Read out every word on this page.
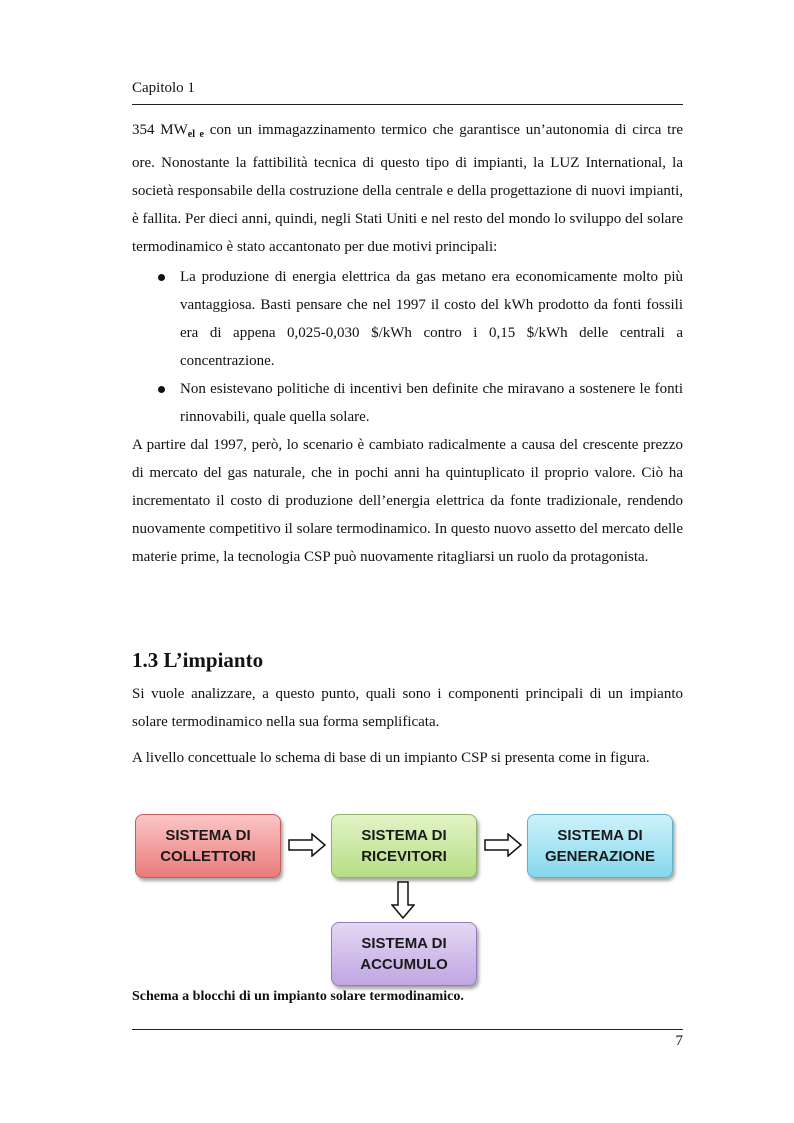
Capitolo 1

354 $MW_{el e}$ con un immagazzinamento termico che garantisce un’autonomia di circa tre ore. Nonostante la fattibilità tecnica di questo tipo di impianti, la LUZ International, la società responsabile della costruzione della centrale e della progettazione di nuovi impianti, è fallita. Per dieci anni, quindi, negli Stati Uniti e nel resto del mondo lo sviluppo del solare termodinamico è stato accantonato per due motivi principali:

La produzione di energia elettrica da gas metano era economicamente molto più vantaggiosa. Basti pensare che nel 1997 il costo del kWh prodotto da fonti fossili era di appena 0,025-0,030 $/kWh contro i 0,15 $/kWh delle centrali a concentrazione.
Non esistevano politiche di incentivi ben definite che miravano a sostenere le fonti rinnovabili, quale quella solare.

A partire dal 1997, però, lo scenario è cambiato radicalmente a causa del crescente prezzo di mercato del gas naturale, che in pochi anni ha quintuplicato il proprio valore. Ciò ha incrementato il costo di produzione dell’energia elettrica da fonte tradizionale, rendendo nuovamente competitivo il solare termodinamico. In questo nuovo assetto del mercato delle materie prime, la tecnologia CSP può nuovamente ritagliarsi un ruolo da protagonista.

1.3 L’impianto

Si vuole analizzare, a questo punto, quali sono i componenti principali di un impianto solare termodinamico nella sua forma semplificata.

A livello concettuale lo schema di base di un impianto CSP si presenta come in figura.

SISTEMA DI
COLLETTORI
SISTEMA DI
RICEVITORI
SISTEMA DI
GENERAZIONE
SISTEMA DI
ACCUMULO
Schema a blocchi di un impianto solare termodinamico.
7
